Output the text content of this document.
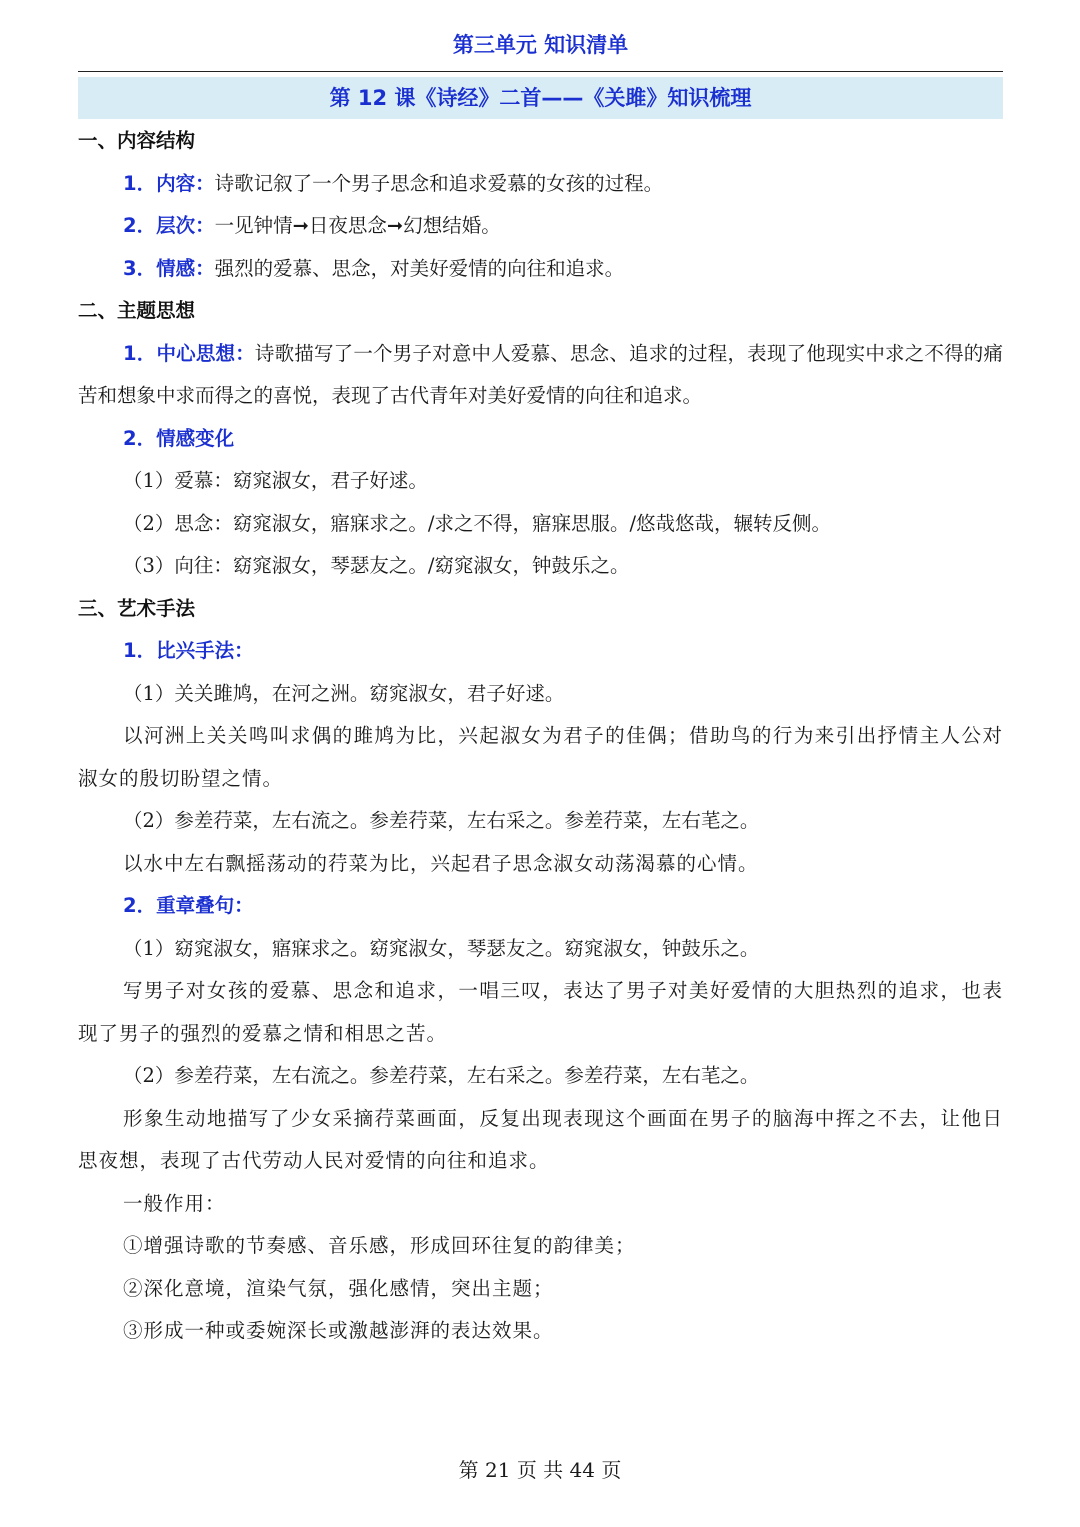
第三单元 知识清单
第 12 课《诗经》二首——《关雎》知识梳理
一、内容结构
1．内容：诗歌记叙了一个男子思念和追求爱慕的女孩的过程。
2．层次：一见钟情➞日夜思念➞幻想结婚。
3．情感：强烈的爱慕、思念，对美好爱情的向往和追求。
二、主题思想
1．中心思想：诗歌描写了一个男子对意中人爱慕、思念、追求的过程，表现了他现实中求之不得的痛苦和想象中求而得之的喜悦，表现了古代青年对美好爱情的向往和追求。
2．情感变化
（1）爱慕：窈窕淑女，君子好逑。
（2）思念：窈窕淑女，寤寐求之。/求之不得，寤寐思服。/悠哉悠哉，辗转反侧。
（3）向往：窈窕淑女，琴瑟友之。/窈窕淑女，钟鼓乐之。
三、艺术手法
1．比兴手法：
（1）关关雎鸠，在河之洲。窈窕淑女，君子好逑。
以河洲上关关鸣叫求偶的雎鸠为比，兴起淑女为君子的佳偶；借助鸟的行为来引出抒情主人公对淑女的殷切盼望之情。
（2）参差荇菜，左右流之。参差荇菜，左右采之。参差荇菜，左右芼之。
以水中左右飘摇荡动的荇菜为比，兴起君子思念淑女动荡渴慕的心情。
2．重章叠句：
（1）窈窕淑女，寤寐求之。窈窕淑女，琴瑟友之。窈窕淑女，钟鼓乐之。
写男子对女孩的爱慕、思念和追求，一唱三叹，表达了男子对美好爱情的大胆热烈的追求，也表现了男子的强烈的爱慕之情和相思之苦。
（2）参差荇菜，左右流之。参差荇菜，左右采之。参差荇菜，左右芼之。
形象生动地描写了少女采摘荇菜画面，反复出现表现这个画面在男子的脑海中挥之不去，让他日思夜想，表现了古代劳动人民对爱情的向往和追求。
一般作用：
①增强诗歌的节奏感、音乐感，形成回环往复的韵律美；
②深化意境，渲染气氛，强化感情，突出主题；
③形成一种或委婉深长或激越澎湃的表达效果。
第 21 页 共 44 页
